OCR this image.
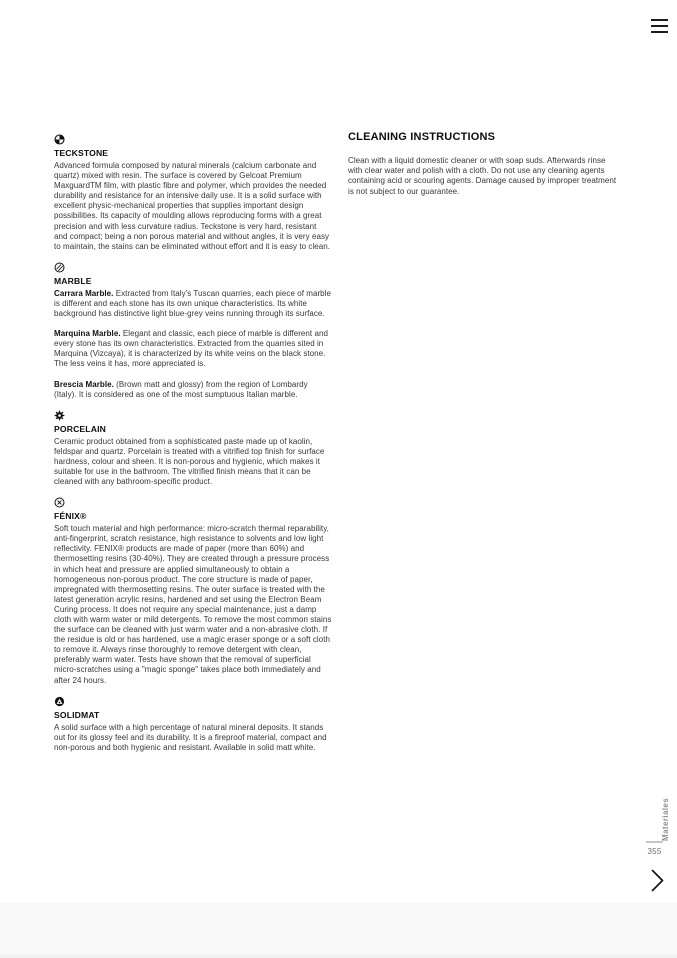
TECKSTONE

Advanced formula composed by natural minerals (calcium carbonate and quartz) mixed with resin. The surface is covered by Gelcoat Premium MaxguardTM film, with plastic fibre and polymer, which provides the needed durability and resistance for an intensive daily use. It is a solid surface with excellent physic-mechanical properties that supplies important design possibilities. Its capacity of moulding allows reproducing forms with a great precision and with less curvature radius. Teckstone is very hard, resistant and compact; being a non porous material and without angles, it is very easy to maintain, the stains can be eliminated without effort and it is easy to clean.

MARBLE

Carrara Marble. Extracted from Italy's Tuscan quarries, each piece of marble is different and each stone has its own unique characteristics. Its white background has distinctive light blue-grey veins running through its surface.

Marquina Marble. Elegant and classic, each piece of marble is different and every stone has its own characteristics. Extracted from the quarries sited in Marquina (Vizcaya), it is characterized by its white veins on the black stone. The less veins it has, more appreciated is.

Brescia Marble. (Brown matt and glossy) from the region of Lombardy (Italy). It is considered as one of the most sumptuous Italian marble.

PORCELAIN

Ceramic product obtained from a sophisticated paste made up of kaolin, feldspar and quartz. Porcelain is treated with a vitrified top finish for surface hardness, colour and sheen. It is non-porous and hygienic, which makes it suitable for use in the bathroom. The vitrified finish means that it can be cleaned with any bathroom-specific product.

FÉNIX®

Soft touch material and high performance: micro-scratch thermal reparability, anti-fingerprint, scratch resistance, high resistance to solvents and low light reflectivity. FENIX® products are made of paper (more than 60%) and thermosetting resins (30-40%). They are created through a pressure process in which heat and pressure are applied simultaneously to obtain a homogeneous non-porous product. The core structure is made of paper, impregnated with thermosetting resins. The outer surface is treated with the latest generation acrylic resins, hardened and set using the Electron Beam Curing process. It does not require any special maintenance, just a damp cloth with warm water or mild detergents. To remove the most common stains the surface can be cleaned with just warm water and a non-abrasive cloth. If the residue is old or has hardened, use a magic eraser sponge or a soft cloth to remove it. Always rinse thoroughly to remove detergent with clean, preferably warm water. Tests have shown that the removal of superficial micro-scratches using a "magic sponge" takes place both immediately and after 24 hours.

SOLIDMAT

A solid surface with a high percentage of natural mineral deposits. It stands out for its glossy feel and its durability. It is a fireproof material, compact and non-porous and both hygienic and resistant. Available in solid matt white.

CLEANING INSTRUCTIONS

Clean with a liquid domestic cleaner or with soap suds. Afterwards rinse with clear water and polish with a cloth. Do not use any cleaning agents containing acid or scouring agents. Damage caused by improper treatment is not subject to our guarantee.

Materiales
355
